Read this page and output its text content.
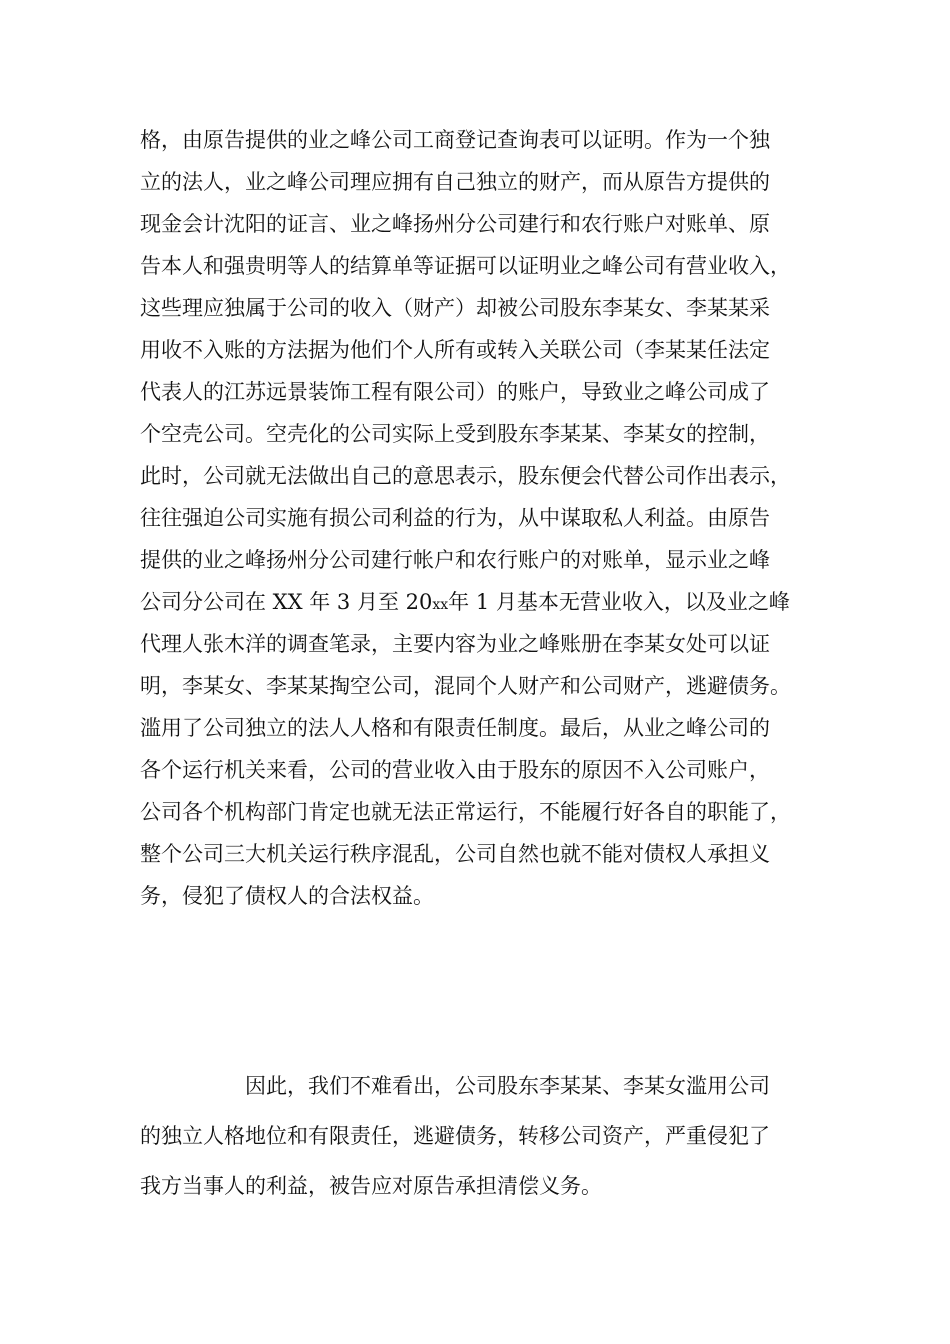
格，由原告提供的业之峰公司工商登记查询表可以证明。作为一个独
立的法人，业之峰公司理应拥有自己独立的财产，而从原告方提供的
现金会计沈阳的证言、业之峰扬州分公司建行和农行账户对账单、原
告本人和强贵明等人的结算单等证据可以证明业之峰公司有营业收入，
这些理应独属于公司的收入（财产）却被公司股东李某女、李某某采
用收不入账的方法据为他们个人所有或转入关联公司（李某某任法定
代表人的江苏远景装饰工程有限公司）的账户，导致业之峰公司成了
个空壳公司。空壳化的公司实际上受到股东李某某、李某女的控制，
此时，公司就无法做出自己的意思表示，股东便会代替公司作出表示，
往往强迫公司实施有损公司利益的行为，从中谋取私人利益。由原告
提供的业之峰扬州分公司建行帐户和农行账户的对账单，显示业之峰
公司分公司在 XX 年 3 月至 20xx年 1 月基本无营业收入，以及业之峰
代理人张木洋的调查笔录，主要内容为业之峰账册在李某女处可以证
明，李某女、李某某掏空公司，混同个人财产和公司财产，逃避债务。
滥用了公司独立的法人人格和有限责任制度。最后，从业之峰公司的
各个运行机关来看，公司的营业收入由于股东的原因不入公司账户，
公司各个机构部门肯定也就无法正常运行，不能履行好各自的职能了，
整个公司三大机关运行秩序混乱，公司自然也就不能对债权人承担义
务，侵犯了债权人的合法权益。
因此，我们不难看出，公司股东李某某、李某女滥用公司
的独立人格地位和有限责任，逃避债务，转移公司资产，严重侵犯了
我方当事人的利益，被告应对原告承担清偿义务。
